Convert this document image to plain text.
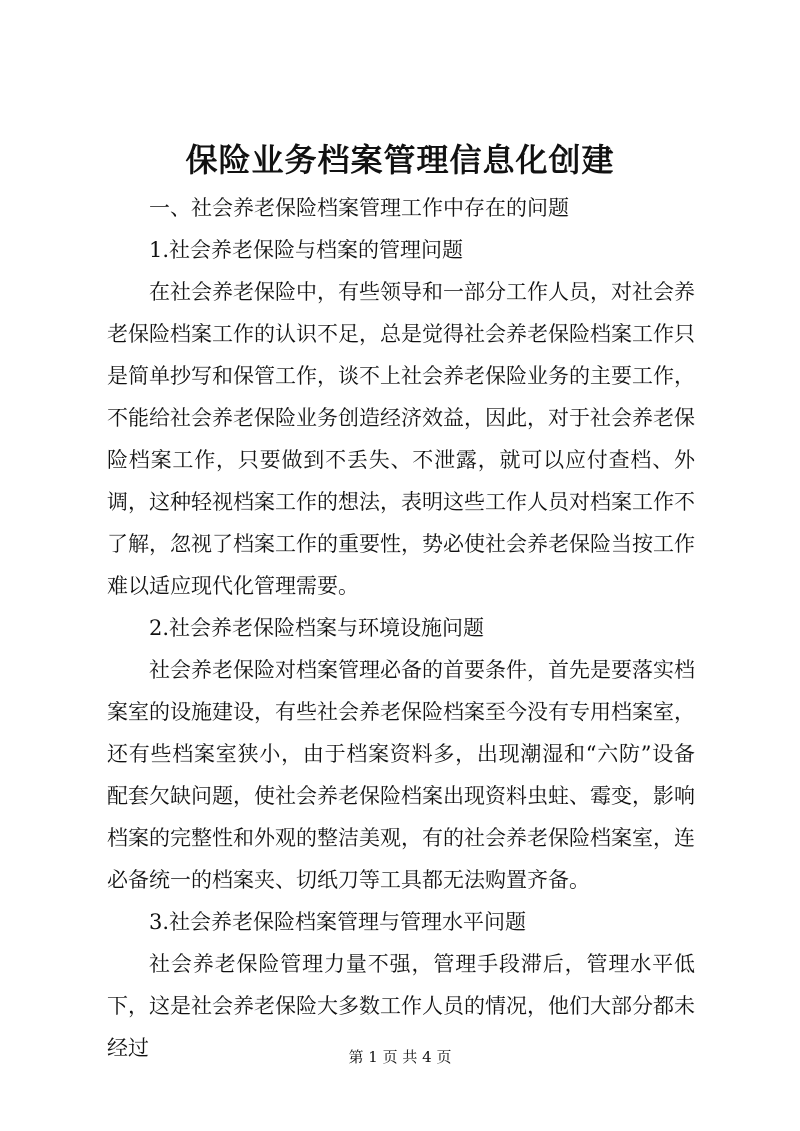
保险业务档案管理信息化创建

一、社会养老保险档案管理工作中存在的问题

1.社会养老保险与档案的管理问题

在社会养老保险中，有些领导和一部分工作人员，对社会养老保险档案工作的认识不足，总是觉得社会养老保险档案工作只是简单抄写和保管工作，谈不上社会养老保险业务的主要工作，不能给社会养老保险业务创造经济效益，因此，对于社会养老保险档案工作，只要做到不丢失、不泄露，就可以应付查档、外调，这种轻视档案工作的想法，表明这些工作人员对档案工作不了解，忽视了档案工作的重要性，势必使社会养老保险当按工作难以适应现代化管理需要。

2.社会养老保险档案与环境设施问题

社会养老保险对档案管理必备的首要条件，首先是要落实档案室的设施建设，有些社会养老保险档案至今没有专用档案室，还有些档案室狭小，由于档案资料多，出现潮湿和“六防”设备配套欠缺问题，使社会养老保险档案出现资料虫蛀、霉变，影响档案的完整性和外观的整洁美观，有的社会养老保险档案室，连必备统一的档案夹、切纸刀等工具都无法购置齐备。

3.社会养老保险档案管理与管理水平问题

社会养老保险管理力量不强，管理手段滞后，管理水平低下，这是社会养老保险大多数工作人员的情况，他们大部分都未经过	第 1 页 共 4 页
